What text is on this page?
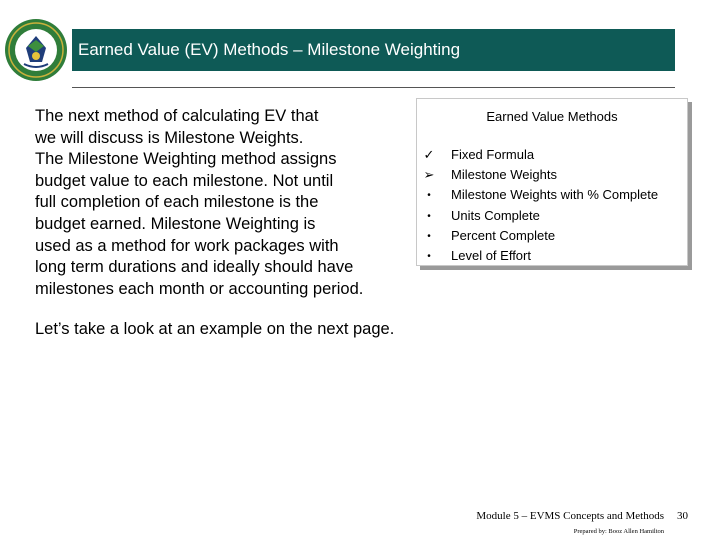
Earned Value (EV) Methods – Milestone Weighting

The next method of calculating EV that

we will discuss is Milestone Weights.

The Milestone Weighting method assigns

budget value to each milestone. Not until

full completion of each milestone is the

budget earned. Milestone Weighting is

used as a method for work packages with

long term durations and ideally should have

milestones each month or accounting period.

Earned Value Methods
✓ Fixed Formula
➢ Milestone Weights
•	Milestone Weights with % Complete
•	Units Complete
•	Percent Complete
•	Level of Effort
Let’s take a look at an example on the next page.
Module 5 – EVMS Concepts and Methods
Prepared by: Booz Allen Hamilton
30
